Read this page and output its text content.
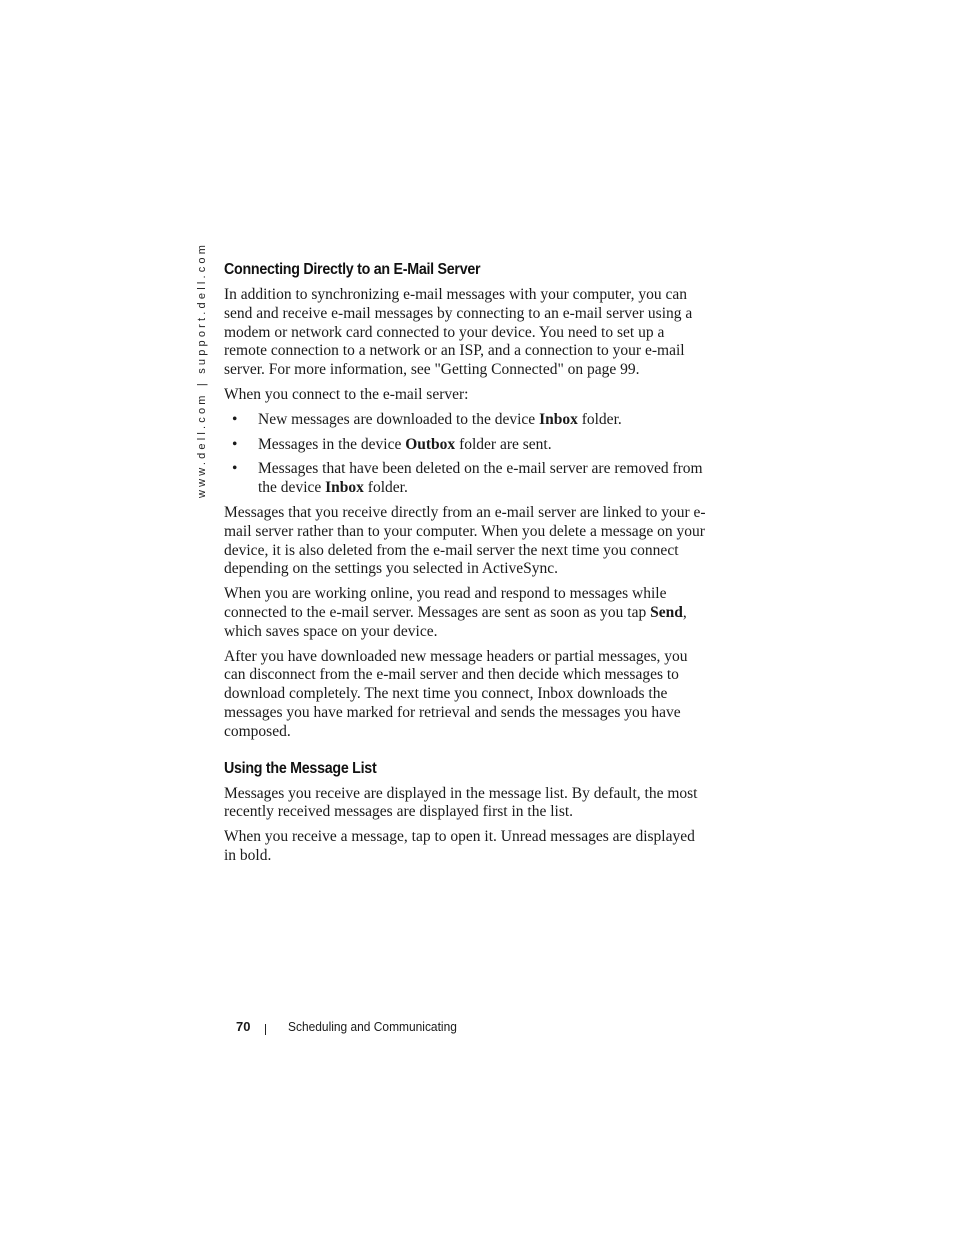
www.dell.com | support.dell.com Connecting Directly to an E-Mail Server

In addition to synchronizing e-mail messages with your computer, you can send and receive e-mail messages by connecting to an e-mail server using a modem or network card connected to your device. You need to set up a remote connection to a network or an ISP, and a connection to your e-mail server. For more information, see "Getting Connected" on page 99.

When you connect to the e-mail server:

• New messages are downloaded to the device Inbox folder.
• Messages in the device Outbox folder are sent.
• Messages that have been deleted on the e-mail server are removed from the device Inbox folder.

Messages that you receive directly from an e-mail server are linked to your e-mail server rather than to your computer. When you delete a message on your device, it is also deleted from the e-mail server the next time you connect depending on the settings you selected in ActiveSync.

When you are working online, you read and respond to messages while connected to the e-mail server. Messages are sent as soon as you tap Send, which saves space on your device.

After you have downloaded new message headers or partial messages, you can disconnect from the e-mail server and then decide which messages to download completely. The next time you connect, Inbox downloads the messages you have marked for retrieval and sends the messages you have composed.

Using the Message List

Messages you receive are displayed in the message list. By default, the most recently received messages are displayed first in the list.

When you receive a message, tap to open it. Unread messages are displayed in bold.

70	Scheduling and Communicating
